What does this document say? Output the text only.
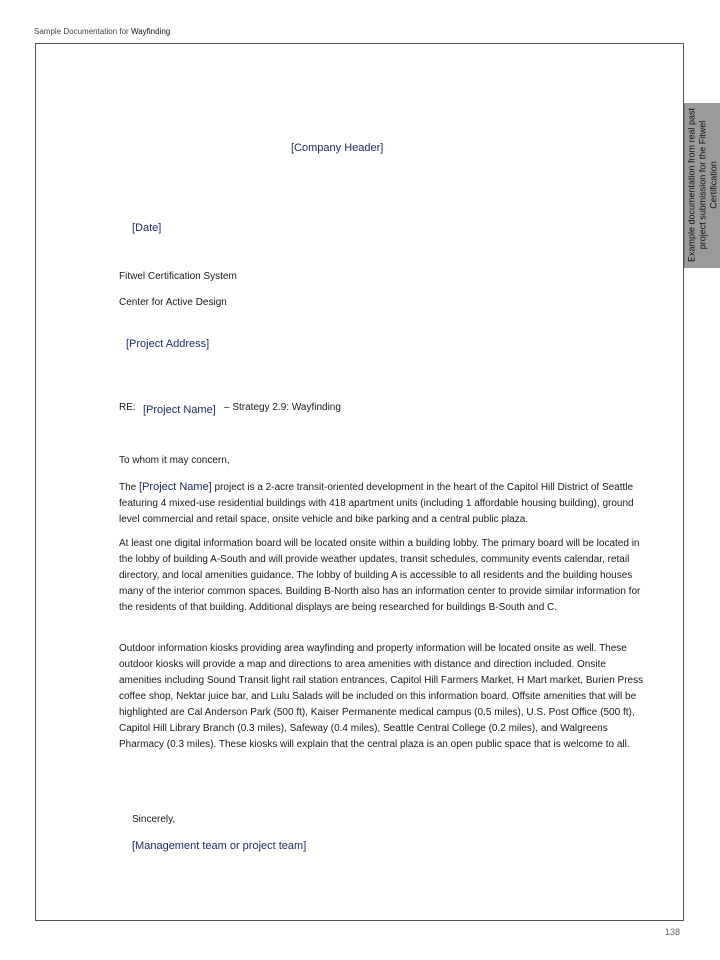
Sample Documentation for Wayfinding
Example documentation from real past project submission for the Fitwel Certification
[Company Header]
[Date]
Fitwel Certification System
Center for Active Design
[Project Address]
RE: [Project Name] – Strategy 2.9: Wayfinding
To whom it may concern,

The [Project Name] project is a 2-acre transit-oriented development in the heart of the Capitol Hill District of Seattle featuring 4 mixed-use residential buildings with 418 apartment units (including 1 affordable housing building), ground level commercial and retail space, onsite vehicle and bike parking and a central public plaza.

At least one digital information board will be located onsite within a building lobby. The primary board will be located in the lobby of building A-South and will provide weather updates, transit schedules, community events calendar, retail directory, and local amenities guidance. The lobby of building A is accessible to all residents and the building houses many of the interior common spaces. Building B-North also has an information center to provide similar information for the residents of that building. Additional displays are being researched for buildings B-South and C.

Outdoor information kiosks providing area wayfinding and property information will be located onsite as well. These outdoor kiosks will provide a map and directions to area amenities with distance and direction included. Onsite amenities including Sound Transit light rail station entrances, Capitol Hill Farmers Market, H Mart market, Burien Press coffee shop, Nektar juice bar, and Lulu Salads will be included on this information board. Offsite amenities that will be highlighted are Cal Anderson Park (500 ft), Kaiser Permanente medical campus (0.5 miles), U.S. Post Office (500 ft), Capitol Hill Library Branch (0.3 miles), Safeway (0.4 miles), Seattle Central College (0.2 miles), and Walgreens Pharmacy (0.3 miles). These kiosks will explain that the central plaza is an open public space that is welcome to all.

Sincerely,
[Management team or project team]
138
